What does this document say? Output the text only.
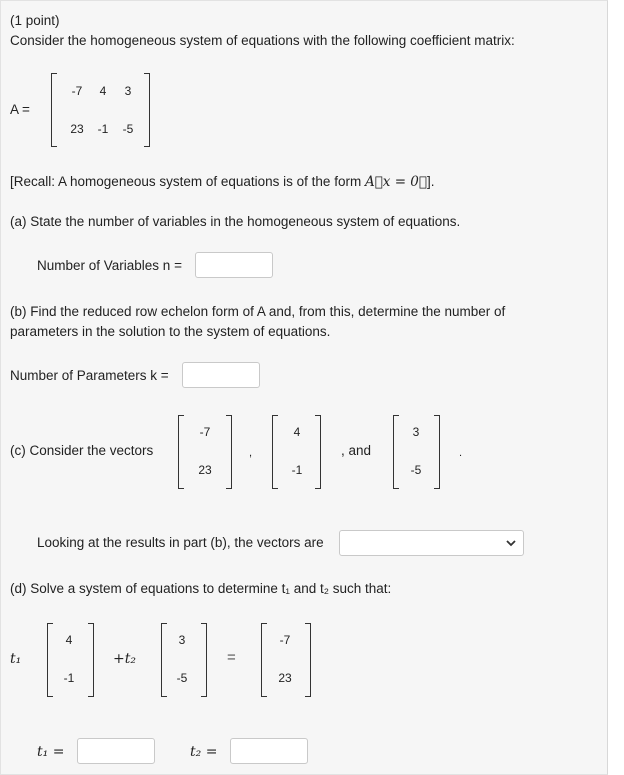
(1 point)
Consider the homogeneous system of equations with the following coefficient matrix:
A =
-7	4	3
23	-1	-5
[Recall: A homogeneous system of equations is of the form A⃗x = 0⃗].
(a) State the number of variables in the homogeneous system of equations.
Number of Variables n =
(b) Find the reduced row echelon form of A and, from this, determine the number of
parameters in the solution to the system of equations.
Number of Parameters k =
(c) Consider the vectors
-7
23
,
4
-1
, and
3
-5
.
Looking at the results in part (b), the vectors are
(d) Solve a system of equations to determine t₁ and t₂ such that:
t₁
4
-1
+t₂
3
-5
=
-7
23
t₁ =	t₂ =
